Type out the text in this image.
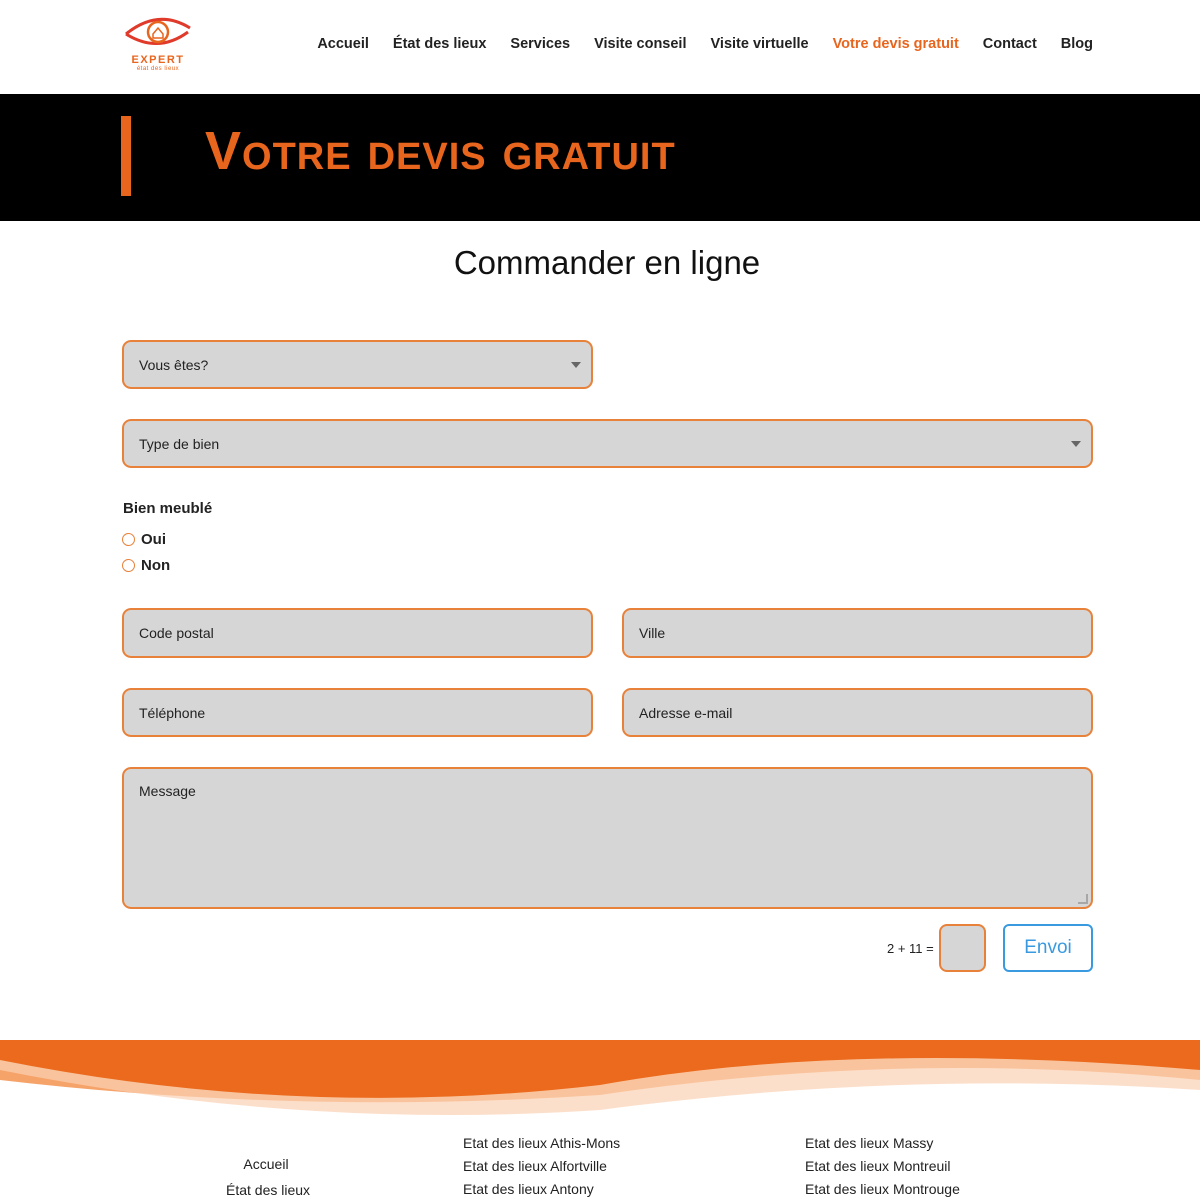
EXPERT
état des lieux
Accueil État des lieux Services Visite conseil Visite virtuelle Votre devis gratuit Contact Blog
Votre devis gratuit
Commander en ligne
Vous êtes?
Type de bien
Bien meublé
Oui
Non
Code postal	Ville
Téléphone	Adresse e-mail
Message
2 + 11 =	Envoi
Accueil
État des lieux
Etat des lieux Athis-Mons
Etat des lieux Alfortville
Etat des lieux Antony
Etat des lieux Massy
Etat des lieux Montreuil
Etat des lieux Montrouge
